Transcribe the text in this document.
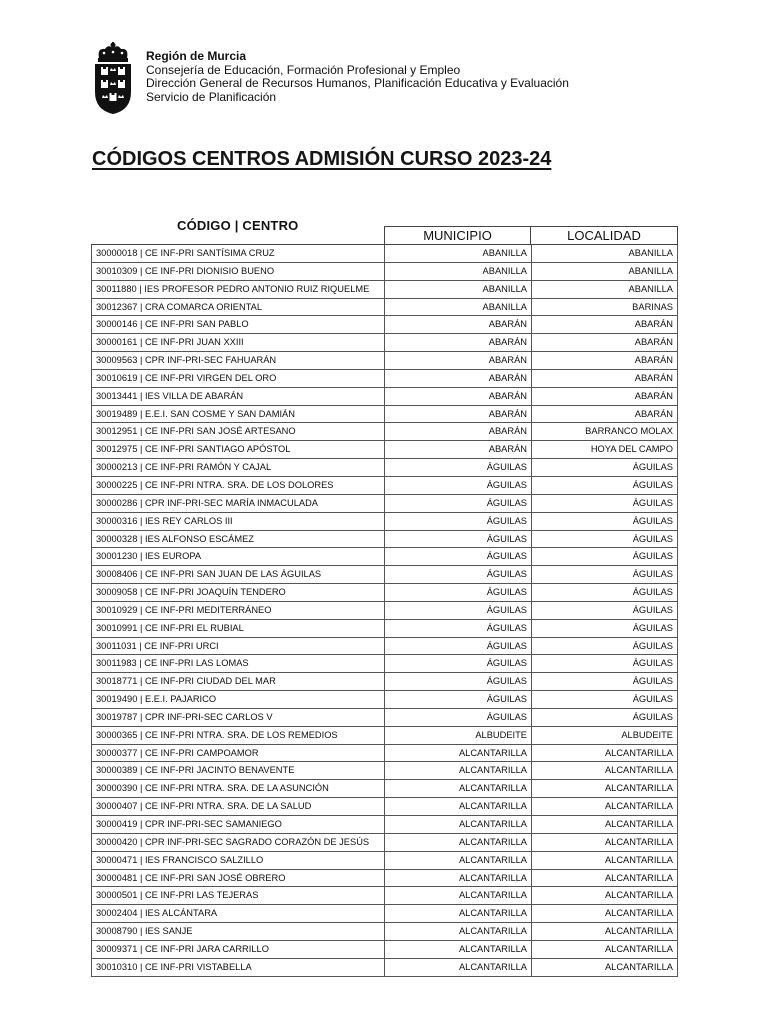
Región de Murcia
Consejería de Educación, Formación Profesional y Empleo
Dirección General de Recursos Humanos, Planificación Educativa y Evaluación
Servicio de Planificación
CÓDIGOS CENTROS ADMISIÓN CURSO 2023-24
CÓDIGO | CENTRO
MUNICIPIO	LOCALIDAD
30000018 | CE INF-PRI SANTÍSIMA CRUZ	ABANILLA	ABANILLA
30010309 | CE INF-PRI DIONISIO BUENO	ABANILLA	ABANILLA
30011880 | IES PROFESOR PEDRO ANTONIO RUIZ RIQUELME	ABANILLA	ABANILLA
30012367 | CRA COMARCA ORIENTAL	ABANILLA	BARINAS
30000146 | CE INF-PRI SAN PABLO	ABARÁN	ABARÁN
30000161 | CE INF-PRI JUAN XXIII	ABARÁN	ABARÁN
30009563 | CPR INF-PRI-SEC FAHUARÁN	ABARÁN	ABARÁN
30010619 | CE INF-PRI VIRGEN DEL ORO	ABARÁN	ABARÁN
30013441 | IES VILLA DE ABARÁN	ABARÁN	ABARÁN
30019489 | E.E.I. SAN COSME Y SAN DAMIÁN	ABARÁN	ABARÁN
30012951 | CE INF-PRI SAN JOSÉ ARTESANO	ABARÁN	BARRANCO MOLAX
30012975 | CE INF-PRI SANTIAGO APÓSTOL	ABARÁN	HOYA DEL CAMPO
30000213 | CE INF-PRI RAMÓN Y CAJAL	ÁGUILAS	ÁGUILAS
30000225 | CE INF-PRI NTRA. SRA. DE LOS DOLORES	ÁGUILAS	ÁGUILAS
30000286 | CPR INF-PRI-SEC MARÍA INMACULADA	ÁGUILAS	ÁGUILAS
30000316 | IES REY CARLOS III	ÁGUILAS	ÁGUILAS
30000328 | IES ALFONSO ESCÁMEZ	ÁGUILAS	ÁGUILAS
30001230 | IES EUROPA	ÁGUILAS	ÁGUILAS
30008406 | CE INF-PRI SAN JUAN DE LAS ÁGUILAS	ÁGUILAS	ÁGUILAS
30009058 | CE INF-PRI JOAQUÍN TENDERO	ÁGUILAS	ÁGUILAS
30010929 | CE INF-PRI MEDITERRÁNEO	ÁGUILAS	ÁGUILAS
30010991 | CE INF-PRI EL RUBIAL	ÁGUILAS	ÁGUILAS
30011031 | CE INF-PRI URCI	ÁGUILAS	ÁGUILAS
30011983 | CE INF-PRI LAS LOMAS	ÁGUILAS	ÁGUILAS
30018771 | CE INF-PRI CIUDAD DEL MAR	ÁGUILAS	ÁGUILAS
30019490 | E.E.I. PAJARICO	ÁGUILAS	ÁGUILAS
30019787 | CPR INF-PRI-SEC CARLOS V	ÁGUILAS	ÁGUILAS
30000365 | CE INF-PRI NTRA. SRA. DE LOS REMEDIOS	ALBUDEITE	ALBUDEITE
30000377 | CE INF-PRI CAMPOAMOR	ALCANTARILLA	ALCANTARILLA
30000389 | CE INF-PRI JACINTO BENAVENTE	ALCANTARILLA	ALCANTARILLA
30000390 | CE INF-PRI NTRA. SRA. DE LA ASUNCIÓN	ALCANTARILLA	ALCANTARILLA
30000407 | CE INF-PRI NTRA. SRA. DE LA SALUD	ALCANTARILLA	ALCANTARILLA
30000419 | CPR INF-PRI-SEC SAMANIEGO	ALCANTARILLA	ALCANTARILLA
30000420 | CPR INF-PRI-SEC SAGRADO CORAZÓN DE JESÚS	ALCANTARILLA	ALCANTARILLA
30000471 | IES FRANCISCO SALZILLO	ALCANTARILLA	ALCANTARILLA
30000481 | CE INF-PRI SAN JOSÉ OBRERO	ALCANTARILLA	ALCANTARILLA
30000501 | CE INF-PRI LAS TEJERAS	ALCANTARILLA	ALCANTARILLA
30002404 | IES ALCÁNTARA	ALCANTARILLA	ALCANTARILLA
30008790 | IES SANJE	ALCANTARILLA	ALCANTARILLA
30009371 | CE INF-PRI JARA CARRILLO	ALCANTARILLA	ALCANTARILLA
30010310 | CE INF-PRI VISTABELLA	ALCANTARILLA	ALCANTARILLA
